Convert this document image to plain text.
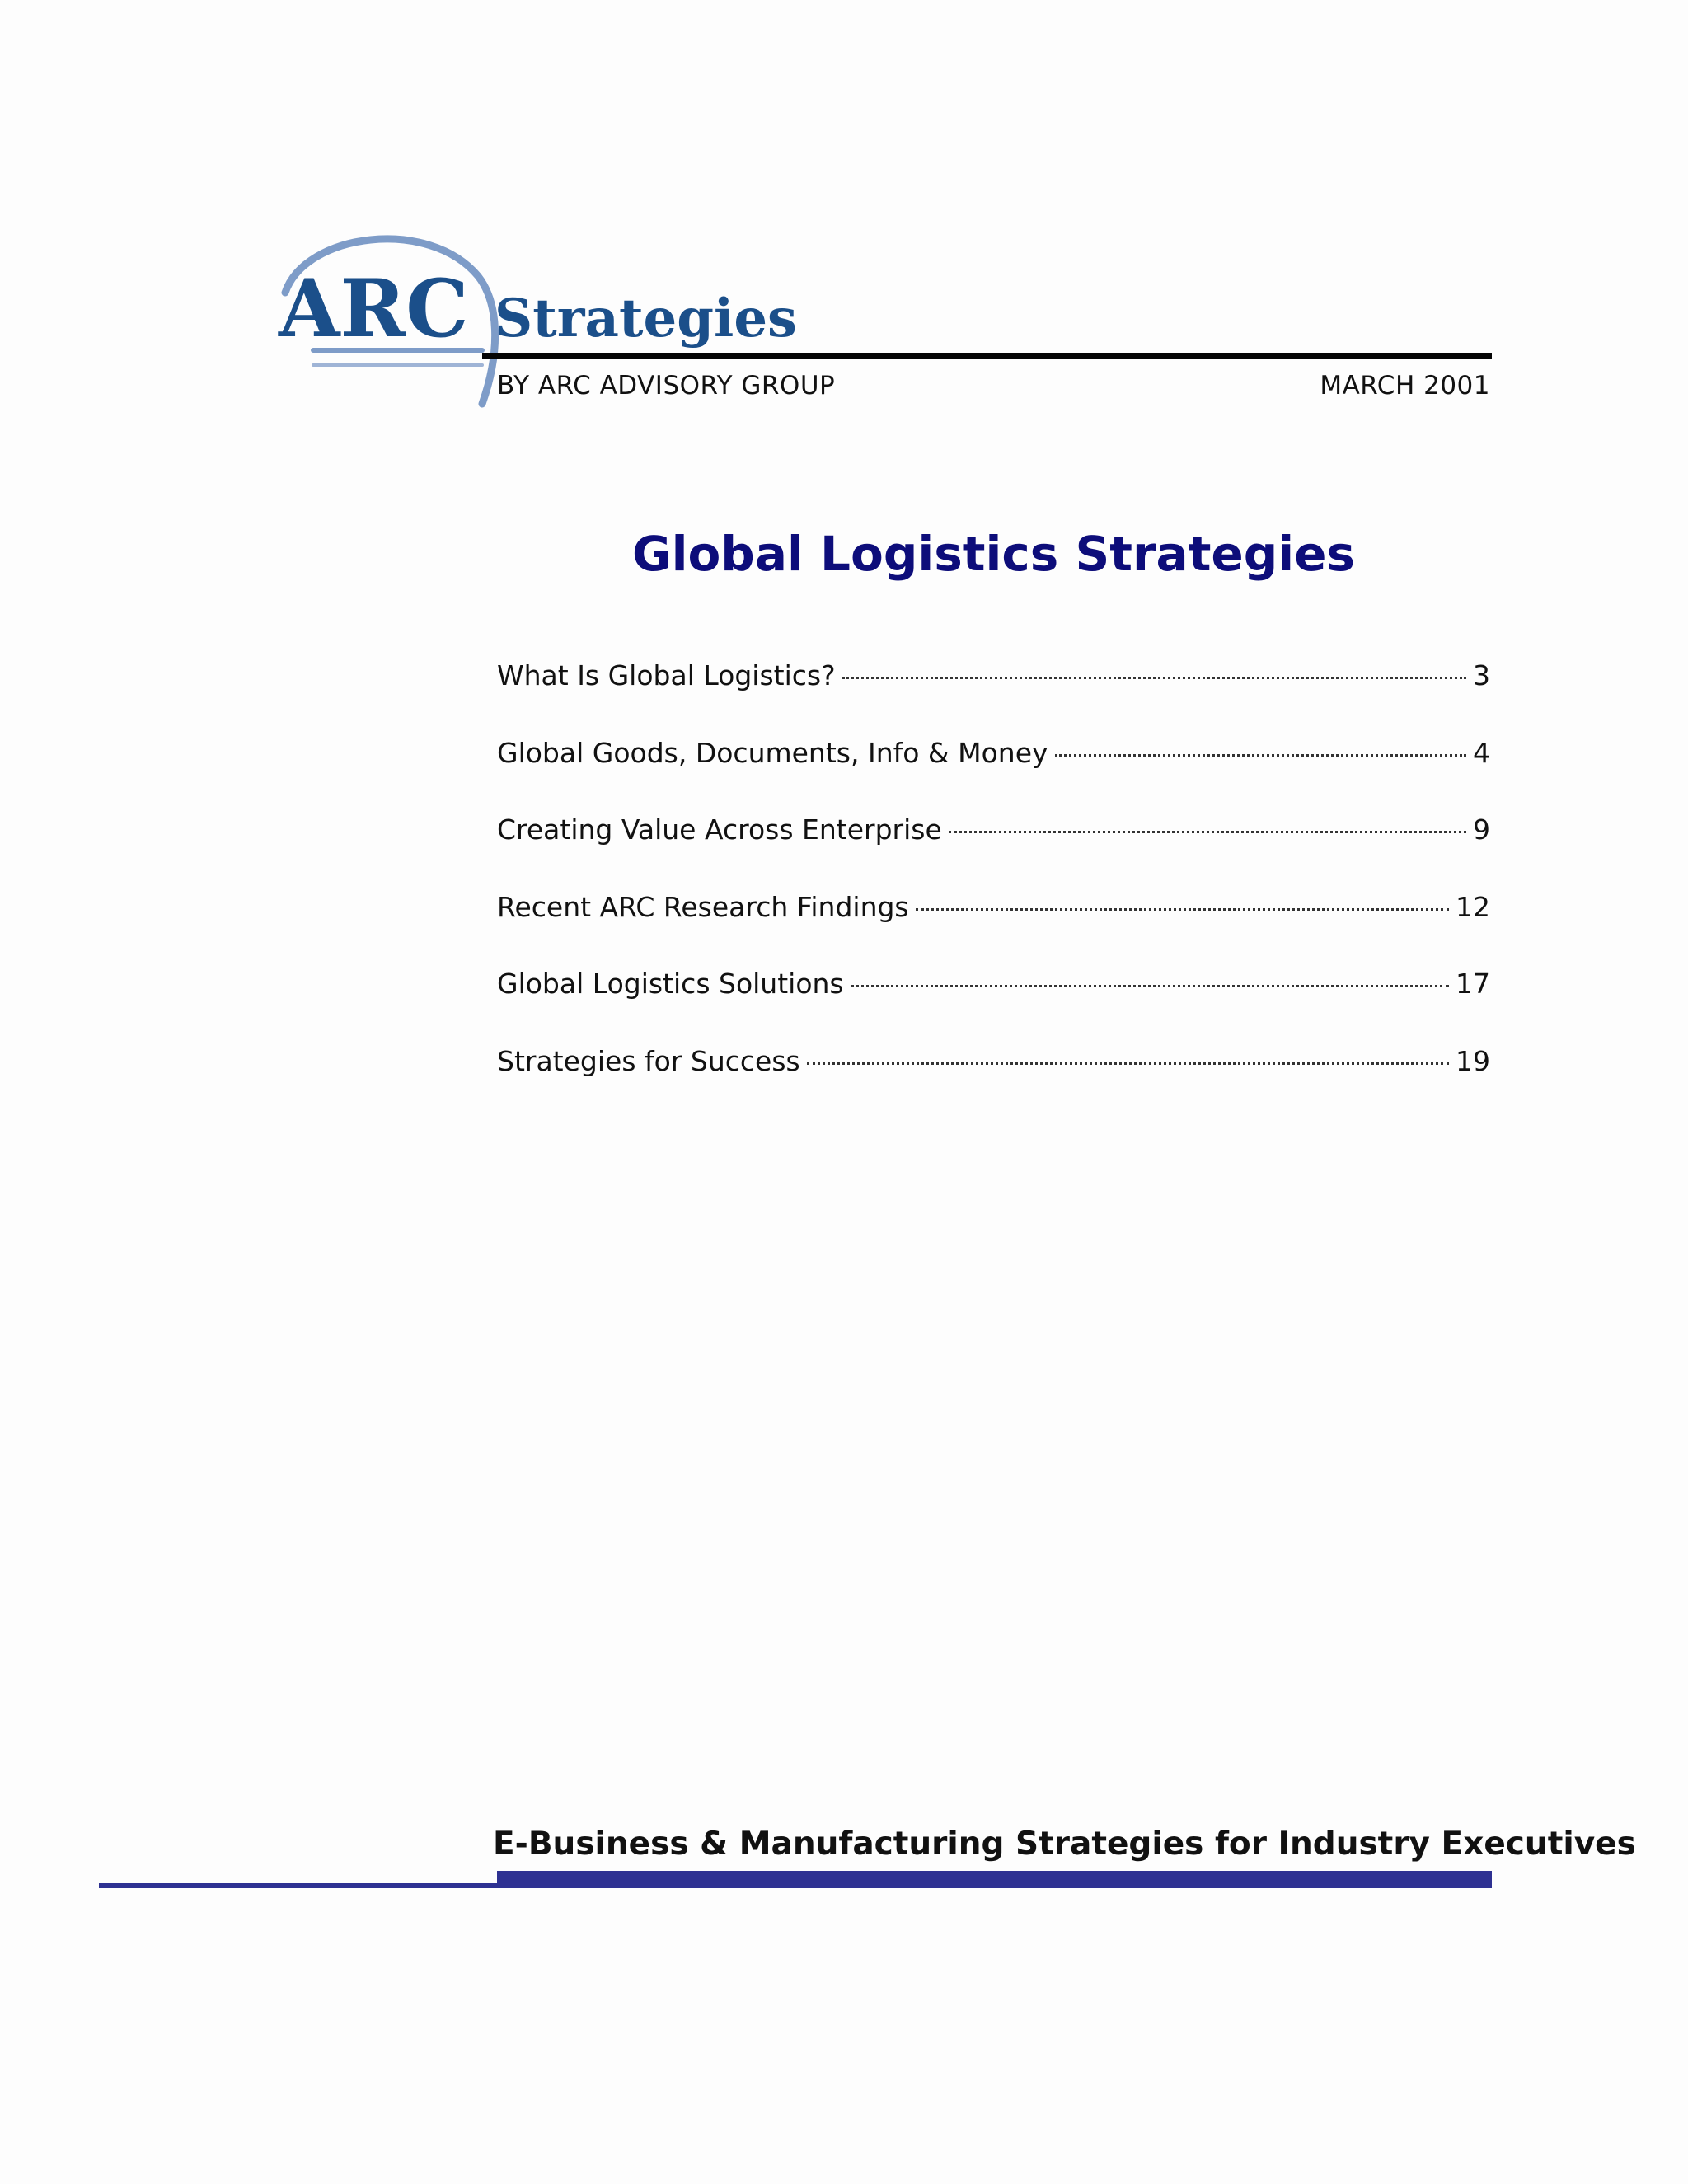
ARC Strategies
BY ARC ADVISORY GROUP	MARCH 2001
Global Logistics Strategies
What Is Global Logistics?	3
Global Goods, Documents, Info & Money	4
Creating Value Across Enterprise	9
Recent ARC Research Findings	12
Global Logistics Solutions	17
Strategies for Success	19
E-Business & Manufacturing Strategies for Industry Executives
